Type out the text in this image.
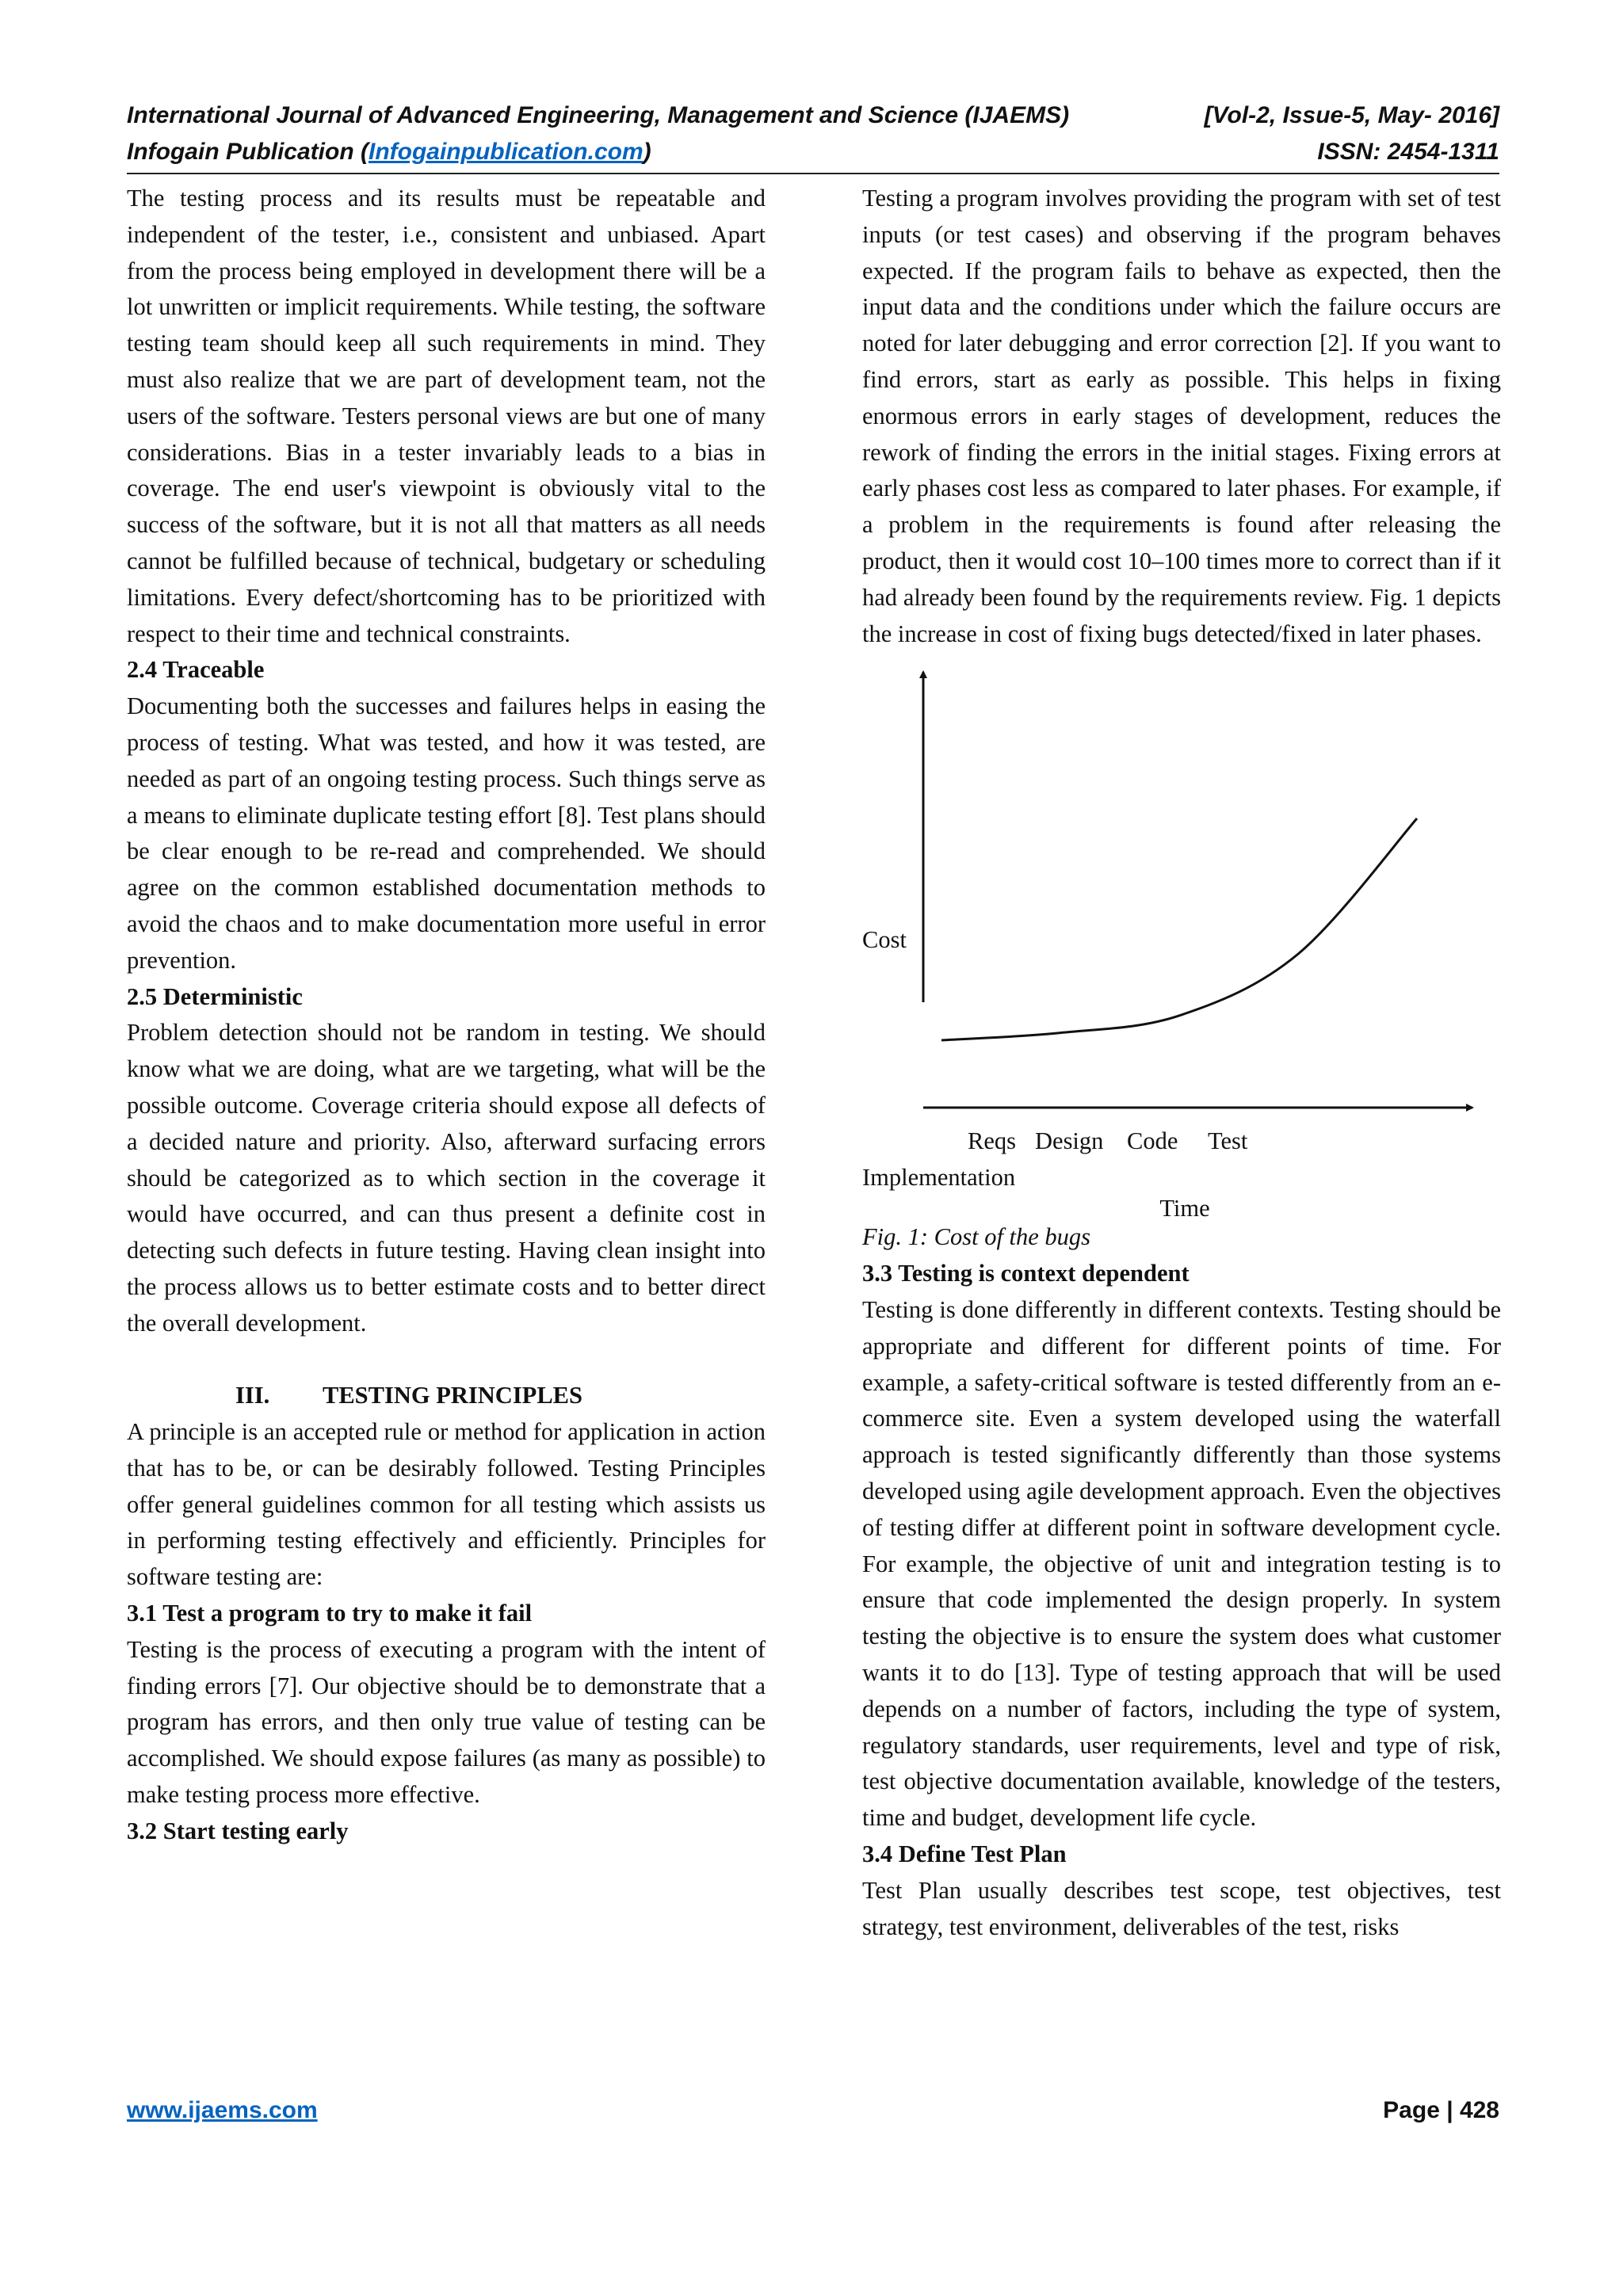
International Journal of Advanced Engineering, Management and Science (IJAEMS)	[Vol-2, Issue-5, May- 2016]
Infogain Publication (Infogainpublication.com)	ISSN: 2454-1311

The testing process and its results must be repeatable and independent of the tester, i.e., consistent and unbiased. Apart from the process being employed in development there will be a lot unwritten or implicit requirements. While testing, the software testing team should keep all such requirements in mind. They must also realize that we are part of development team, not the users of the software. Testers personal views are but one of many considerations. Bias in a tester invariably leads to a bias in coverage. The end user's viewpoint is obviously vital to the success of the software, but it is not all that matters as all needs cannot be fulfilled because of technical, budgetary or scheduling limitations. Every defect/shortcoming has to be prioritized with respect to their time and technical constraints.

2.4 Traceable

Documenting both the successes and failures helps in easing the process of testing. What was tested, and how it was tested, are needed as part of an ongoing testing process. Such things serve as a means to eliminate duplicate testing effort [8]. Test plans should be clear enough to be re-read and comprehended. We should agree on the common established documentation methods to avoid the chaos and to make documentation more useful in error prevention.

2.5 Deterministic

Problem detection should not be random in testing. We should know what we are doing, what are we targeting, what will be the possible outcome. Coverage criteria should expose all defects of a decided nature and priority. Also, afterward surfacing errors should be categorized as to which section in the coverage it would have occurred, and can thus present a definite cost in detecting such defects in future testing. Having clean insight into the process allows us to better estimate costs and to better direct the overall development.

III. TESTING PRINCIPLES

A principle is an accepted rule or method for application in action that has to be, or can be desirably followed. Testing Principles offer general guidelines common for all testing which assists us in performing testing effectively and efficiently. Principles for software testing are:

3.1 Test a program to try to make it fail

Testing is the process of executing a program with the intent of finding errors [7]. Our objective should be to demonstrate that a program has errors, and then only true value of testing can be accomplished. We should expose failures (as many as possible) to make testing process more effective.

3.2 Start testing early

Testing a program involves providing the program with set of test inputs (or test cases) and observing if the program behaves expected. If the program fails to behave as expected, then the input data and the conditions under which the failure occurs are noted for later debugging and error correction [2]. If you want to find errors, start as early as possible. This helps in fixing enormous errors in early stages of development, reduces the rework of finding the errors in the initial stages. Fixing errors at early phases cost less as compared to later phases. For example, if a problem in the requirements is found after releasing the product, then it would cost 10–100 times more to correct than if it had already been found by the requirements review. Fig. 1 depicts the increase in cost of fixing bugs detected/fixed in later phases.

Cost
Reqs Design Code Test
Implementation
Time

Fig. 1: Cost of the bugs

3.3 Testing is context dependent

Testing is done differently in different contexts. Testing should be appropriate and different for different points of time. For example, a safety-critical software is tested differently from an e-commerce site. Even a system developed using the waterfall approach is tested significantly differently than those systems developed using agile development approach. Even the objectives of testing differ at different point in software development cycle. For example, the objective of unit and integration testing is to ensure that code implemented the design properly. In system testing the objective is to ensure the system does what customer wants it to do [13]. Type of testing approach that will be used depends on a number of factors, including the type of system, regulatory standards, user requirements, level and type of risk, test objective documentation available, knowledge of the testers, time and budget, development life cycle.

3.4 Define Test Plan

Test Plan usually describes test scope, test objectives, test strategy, test environment, deliverables of the test, risks

www.ijaems.com	Page | 428
